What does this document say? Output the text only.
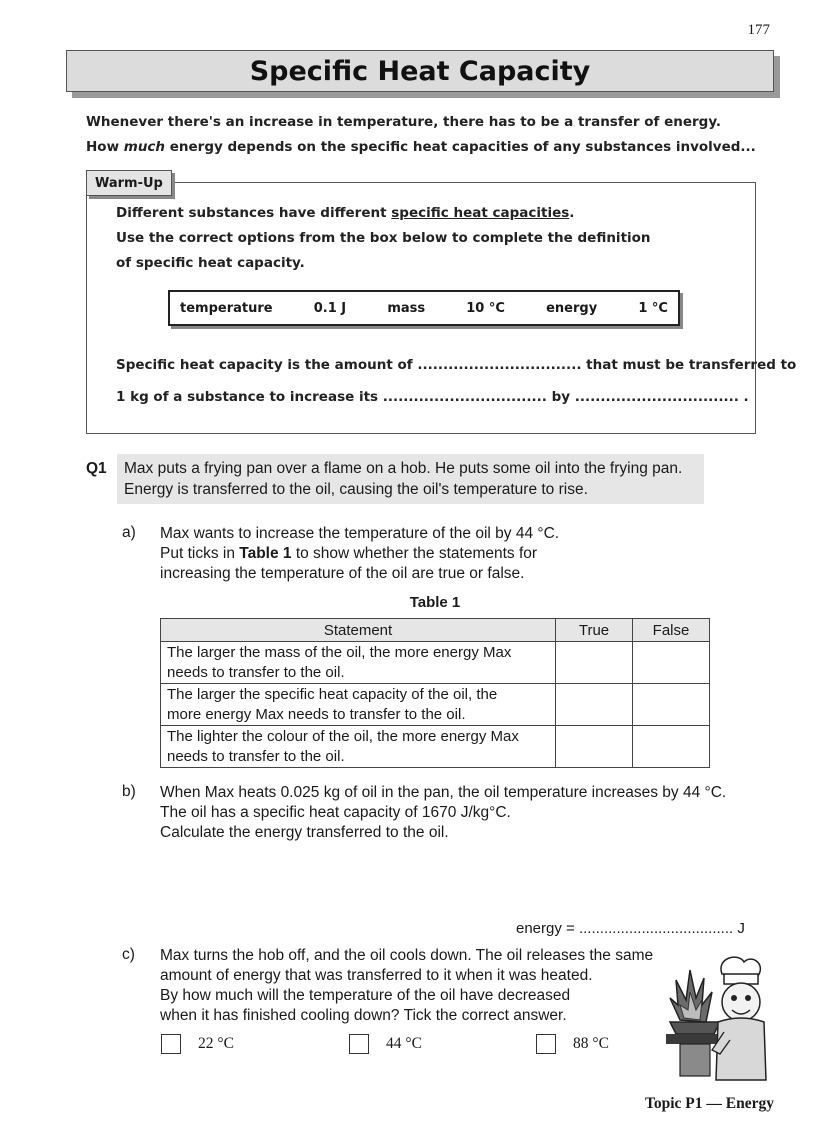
177
Specific Heat Capacity
Whenever there's an increase in temperature, there has to be a transfer of energy.
How much energy depends on the specific heat capacities of any substances involved...
Warm-Up
Different substances have different specific heat capacities.
Use the correct options from the box below to complete the definition
of specific heat capacity.
temperature	0.1 J	mass	10 °C	energy	1 °C
Specific heat capacity is the amount of ................................ that must be transferred to
1 kg of a substance to increase its ................................ by ................................ .
Q1 Max puts a frying pan over a flame on a hob. He puts some oil into the frying pan.
Energy is transferred to the oil, causing the oil's temperature to rise.
a) Max wants to increase the temperature of the oil by 44 °C.
Put ticks in Table 1 to show whether the statements for
increasing the temperature of the oil are true or false.
Table 1
Statement	True	False

The larger the mass of the oil, the more energy Max
needs to transfer to the oil.		

The larger the specific heat capacity of the oil, the
more energy Max needs to transfer to the oil.		

The lighter the colour of the oil, the more energy Max
needs to transfer to the oil.		

b) When Max heats 0.025 kg of oil in the pan, the oil temperature increases by 44 °C.
The oil has a specific heat capacity of 1670 J/kg°C.
Calculate the energy transferred to the oil.
energy = ..................................... J
c) Max turns the hob off, and the oil cools down. The oil releases the same
amount of energy that was transferred to it when it was heated.
By how much will the temperature of the oil have decreased
when it has finished cooling down? Tick the correct answer.
22 °C	44 °C	88 °C
Topic P1 — Energy
